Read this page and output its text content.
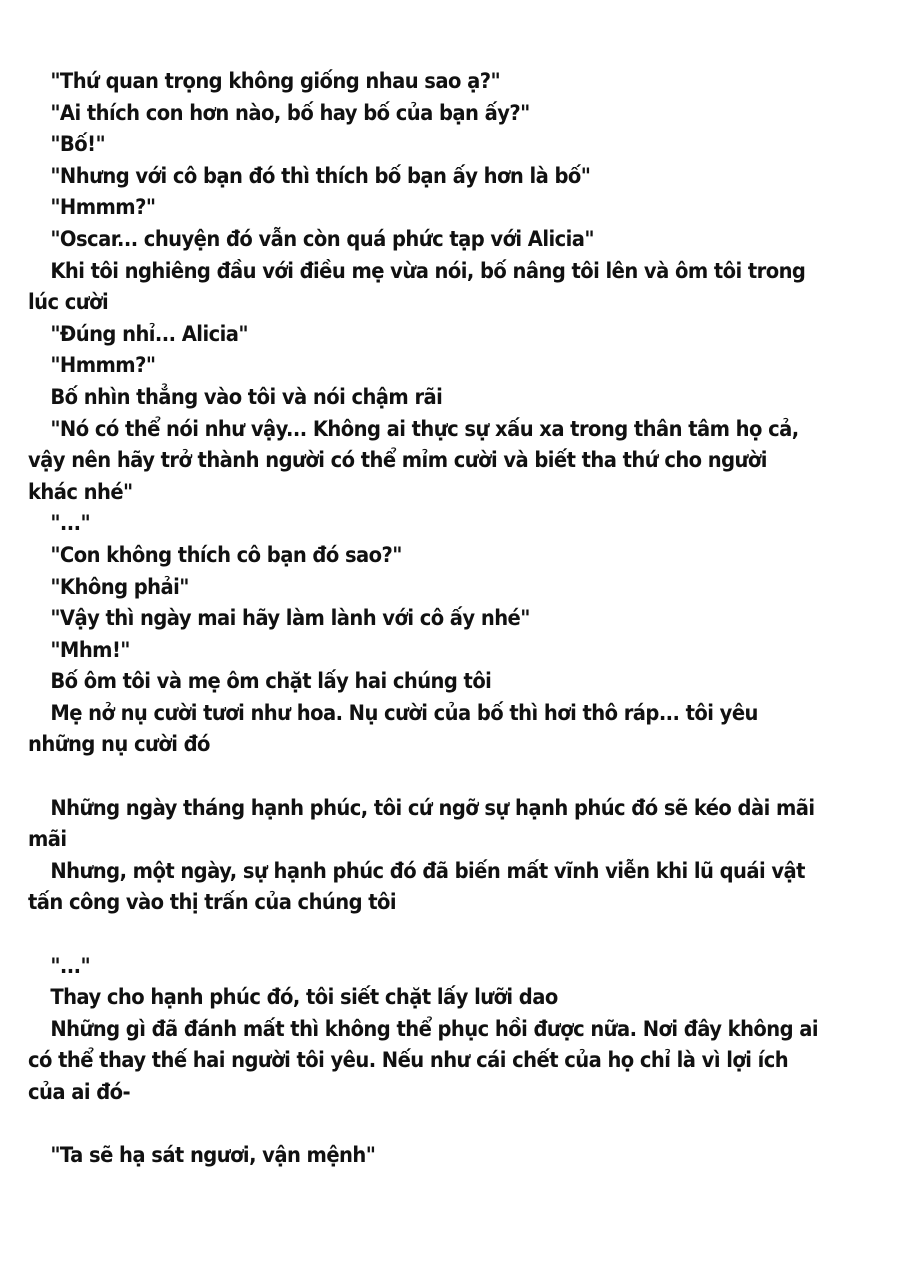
"Thứ quan trọng không giống nhau sao ạ?"

"Ai thích con hơn nào, bố hay bố của bạn ấy?"

"Bố!"

"Nhưng với cô bạn đó thì thích bố bạn ấy hơn là bố"

"Hmmm?"

"Oscar... chuyện đó vẫn còn quá phức tạp với Alicia"

Khi tôi nghiêng đầu với điều mẹ vừa nói, bố nâng tôi lên và ôm tôi trong lúc cười

"Đúng nhỉ... Alicia"

"Hmmm?"

Bố nhìn thẳng vào tôi và nói chậm rãi

"Nó có thể nói như vậy... Không ai thực sự xấu xa trong thân tâm họ cả, vậy nên hãy trở thành người có thể mỉm cười và biết tha thứ cho người khác nhé"

"..."

"Con không thích cô bạn đó sao?"

"Không phải"

"Vậy thì ngày mai hãy làm lành với cô ấy nhé"

"Mhm!"

Bố ôm tôi và mẹ ôm chặt lấy hai chúng tôi

Mẹ nở nụ cười tươi như hoa. Nụ cười của bố thì hơi thô ráp... tôi yêu những nụ cười đó

Những ngày tháng hạnh phúc, tôi cứ ngỡ sự hạnh phúc đó sẽ kéo dài mãi mãi

Nhưng, một ngày, sự hạnh phúc đó đã biến mất vĩnh viễn khi lũ quái vật tấn công vào thị trấn của chúng tôi

"..."

Thay cho hạnh phúc đó, tôi siết chặt lấy lưỡi dao

Những gì đã đánh mất thì không thể phục hồi được nữa. Nơi đây không ai có thể thay thế hai người tôi yêu. Nếu như cái chết của họ chỉ là vì lợi ích của ai đó-

"Ta sẽ hạ sát ngươi, vận mệnh"
